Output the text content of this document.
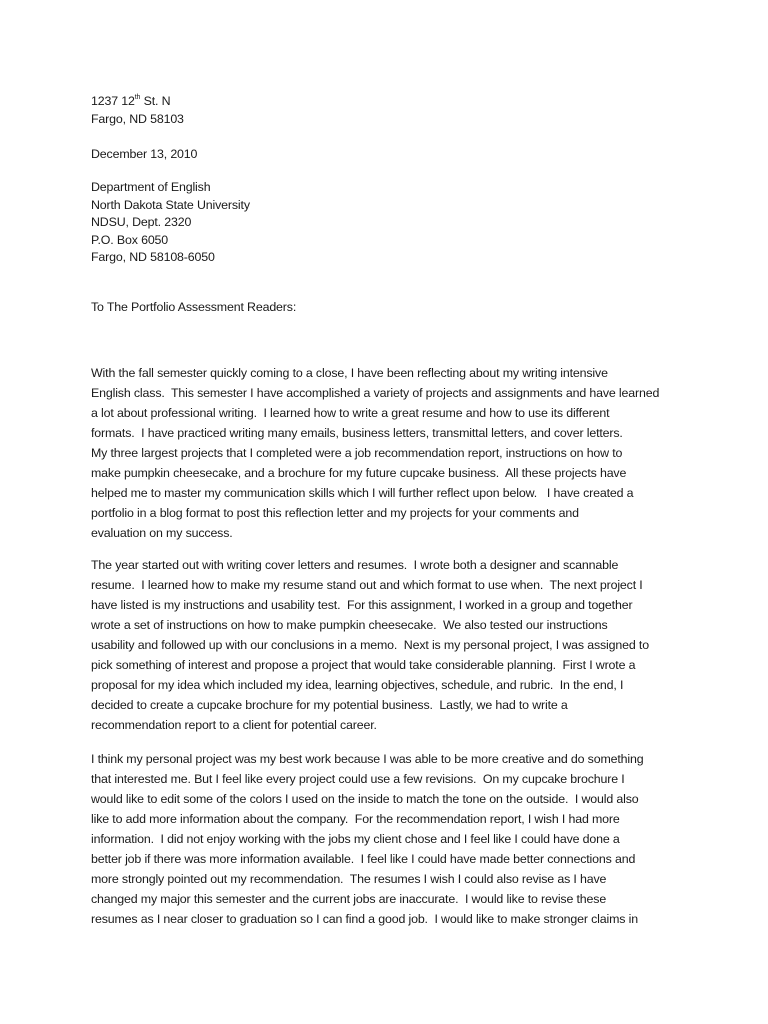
1237 12th St. N
Fargo, ND 58103
December 13, 2010
Department of English
North Dakota State University
NDSU, Dept. 2320
P.O. Box 6050
Fargo, ND 58108-6050
To The Portfolio Assessment Readers:
With the fall semester quickly coming to a close, I have been reflecting about my writing intensive
English class.  This semester I have accomplished a variety of projects and assignments and have learned
a lot about professional writing.  I learned how to write a great resume and how to use its different
formats.  I have practiced writing many emails, business letters, transmittal letters, and cover letters.
My three largest projects that I completed were a job recommendation report, instructions on how to
make pumpkin cheesecake, and a brochure for my future cupcake business.  All these projects have
helped me to master my communication skills which I will further reflect upon below.   I have created a
portfolio in a blog format to post this reflection letter and my projects for your comments and
evaluation on my success.
The year started out with writing cover letters and resumes.  I wrote both a designer and scannable
resume.  I learned how to make my resume stand out and which format to use when.  The next project I
have listed is my instructions and usability test.  For this assignment, I worked in a group and together
wrote a set of instructions on how to make pumpkin cheesecake.  We also tested our instructions
usability and followed up with our conclusions in a memo.  Next is my personal project, I was assigned to
pick something of interest and propose a project that would take considerable planning.  First I wrote a
proposal for my idea which included my idea, learning objectives, schedule, and rubric.  In the end, I
decided to create a cupcake brochure for my potential business.  Lastly, we had to write a
recommendation report to a client for potential career.
I think my personal project was my best work because I was able to be more creative and do something
that interested me. But I feel like every project could use a few revisions.  On my cupcake brochure I
would like to edit some of the colors I used on the inside to match the tone on the outside.  I would also
like to add more information about the company.  For the recommendation report, I wish I had more
information.  I did not enjoy working with the jobs my client chose and I feel like I could have done a
better job if there was more information available.  I feel like I could have made better connections and
more strongly pointed out my recommendation.  The resumes I wish I could also revise as I have
changed my major this semester and the current jobs are inaccurate.  I would like to revise these
resumes as I near closer to graduation so I can find a good job.  I would like to make stronger claims in
